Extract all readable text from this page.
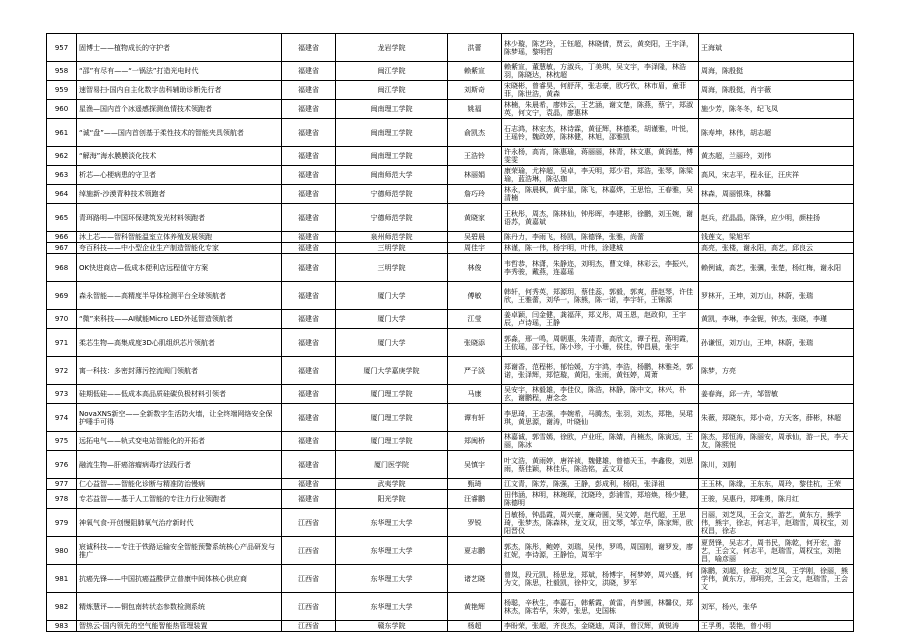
957	固博士——植物成长的守护者	福建省	龙岩学院	洪蕾	林少璇，陈艺玲，王钰超，林晓倩，贾云，黄奕阳，王宇泽，陈梦瑶，黎明哲	王海斌
958	“邵”有尽有——“一锅法”打造光电时代	福建省	闽江学院	赖紫宣	赖紫宣，董慧敏，方淑兵，丁美琪，吴文宇，李泽隆，林浩羽，陈晓达，林枕超	周海，陈殷挺
959	速智易扫-国内自主化数字齿科辅助诊断先行者	福建省	闽江学院	刘斯奇	宋晓彬，曾睿昊，何舒萍，张志豪，欧巧钦，林市眉，童菲菲，陈世浩，黄森	周海，陈殷挺，肖宇薇
960	星渔—国内首个冰遥感探测鱼情技术领跑者	福建省	闽南理工学院	姚福	林楠，朱晨希，廖炜云，王艺涵，谢文楚，陈燕，蔡宁，郑淑英，何文宁，袁晶，廖惠林	施少芳，陈冬冬，纪飞凤
961	“诚“盘”——国内首创基于柔性技术的智能夹具领航者	福建省	闽南理工学院	俞凯杰	石志鸿，林宏杰，林诗霖，黄征辉，林德柔，胡谨雅，叶悦，王瑶铃，魏政婷，陈林健，林旭，邵雅凯	陈寿坤，林伟，胡志超
962	“解海”海水膜膜淡化技术	福建省	闽南理工学院	王浩铃	许永杨，高宵，陈惠瑜，蒋丽丽，林青，林文惠，黄润基，傅雯雯	黄杰超，兰丽玲，刘伟
963	析芯—心梗病患的守卫者	福建省	闽南师范大学	林丽娟	康荣瑜，尤梓超，吴卓，李天明，郑少君，郑浩，张琴，陈梁瑜，蓝浩琳，陈弘珈	高风，宋志平，程永征，汪庆祥
964	绰施新-沙漠青种技术领跑者	福建省	宁德师范学院	詹巧玲	林永，陈晨枫，黄宇星，陈飞，林嘉烨，王思怡，王春雅，吴清楠	林森，周丽银珠，林馨
965	青珥路明—中国环保建筑发光材料领跑者	福建省	宁德师范学院	黄晓家	王秋彤，周杰，陈林仙，钟彤晖，李建彬，徐鹏，刘玉婉，谢语苏，黄嘉斌	赵兵，荭晶晶，陈锋，应少明，颜桂扬
966	沐上芯——智科智能温室立体养殖发展领跑	福建省	泉州师范学院	吴碧晨	陈丹力，李雨飞，杨凯，陈德锋，张雅，尚蕾	钱莲文，梁旭军
967	夸百科技——中小型企业生产制造智能化专家	福建省	三明学院	周佳宇	林谨，陈一伟，杨宇明，叶伟，涂建城	高亮，张楼，谢永阳，高艺，邱良云
968	OK快进商店—低成本便利店远程值守方案	福建省	三明学院	林俊	韦哲恭，林潇，朱静迩，刘明杰，曹文烽，林彩云，李振兴，李秀骏，戴燕，连嘉瑶	赖例诚，高艺，张骥，张楚，杨红梅，谢永阳
969	森永智能——高精度半导体检测平台全球领航者	福建省	厦门大学	傅敏	韩轩，何秀英，郑源玥，蔡佳蕊，郭毅，郭爽，薛赵琴，许佳欣，王雅蕾，刘华一，陈熊，陈一诺，李宇轩，王锦源	罗林开，王坤，刘万山，林蔚，张瑞
970	“微”来科技——AI赋能Micro LED外延智造领航者	福建省	厦门大学	江莹	姜卓颖，闫金健，龚福萍，郑义彤，周玉恩，赵政仰，王宇辰，卢诗瑶，王静	黄凯，李琳，李金铌，钟杰，张晓，李瑾
971	柔芯生物—高集成度3D心肌组织芯片领航者	福建省	厦门大学	张晓添	郭淼，邢一鸣，周朝惠，朱靖青，高欣文，谭子程，蒋明霞，王依瑶，邵子钰，陈小珍，于小珊，侯佳，钟昌晨，张宇	孙谦恒，刘万山，王坤，林蔚，张瑞
972	寓一科技：多密封薄污控流阀门领航者	福建省	厦门大学嘉庚学院	严子淡	郑谢香，范程彬，郁怡媛，方宇鸿，李浩，杨鹏，林雅尧，郭诺，张泽辉，郑恺璇，黄阳，张雨，黄钰婷，周萧	陈梦，方亮
973	硅期低硅——低成本高品质硅碳负极材料引领者	福建省	厦门理工学院	马康	吴安宇，林毅雄，李佳仪，陈浩，林静，陈中文，林兴，朴玄，谢鹏程，唐念念	姜春海，邱一卉，邹智敏
974	NovaXNS新空——全新数字生活防火墙，让全终端网络安全保护唾手可得	福建省	厦门理工学院	谭有轩	李思琦，王志强，李婉希，马腾杰，张羽，刘杰，郑艳，吴珺琪，黄思源，谢涛，叶晓仙	朱薇，郑晓东，郑小奇，方天客，薛彬，林超
975	远拓电气——轨式变电站智能化的开拓者	福建省	厦门理工学院	郑闽桥	林嘉诚，郭雪嫣，徐欧，卢业旺，陈婧，肖楠杰，陈寅远，王丽，陈冰	陈杰，郑恒涛，陈丽安，周承仙，游一民，李天友，陈熙悦
976	融流生物—肝癌溶瘤病毒疗法践行者	福建省	厦门医学院	吴慎宇	叶文浩，黄雨婷，唐祥祯，魏健雄，曾德天玉，李鑫俊，刘思雨，蔡佳颖，林佳乐，陈浩铭，孟文双	陈川，刘刚
977	仁心益智——智能化诊断与精准防治慢病	福建省	武夷学院	甄琦	江文青，陈芳，陈强，王静，彭成利，杨阳，张泽祖	王玉林，陈缘，王东东，周玲，黎佳杭，王荣
978	专芯益智——基于人工智能的专注力行业领跑者	福建省	阳光学院	汪睿鹏	田伟涵，林明，林琬琛，沈晓玲，彭浦雪，郑培焕，杨少健，陈德明	王骏，吴惠丹，郑唯勇，陈月红
979	神氧气食-开创慢阻肺氧气治疗新时代	江西省	东华理工大学	罗锐	吕敏杨，钟晶霞，周兴豪，廉奇圆，吴文婷，赵代超，王思琦，张梦杰，陈森林，龙文双，田文琴，邹立华，陈家辉，欧阳晋仪	吕丽，刘芝凤，王会文，游艺，黄东方，熊学伟，熊宇，徐志，何志平，赵瑞雪，周权宝，刘权昌，徐志
980	宸诚科技——专注于铁路运输安全智能预警系统核心产品研发与推广	江西省	东华理工大学	夏志鹏	郭杰，陈彤，鲍婷，刘瑞，吴伟，罗鸣，周国刚，谢罗发，廖红妮，李诗源，王静怡，周军宇	夏贤锋，吴志才，周书民，陈乾，何开宏，游艺，王会文，何志平，赵瑞雪，周权宝，刘艳昌，喻彦丽
981	抗癌先锋——中国抗癌益酸伊立普康中间体核心供应商	江西省	东华理工大学	诸艺晓	曾岚，段元凯，杨思龙，郑斌，杨博宇，柯梦婷，周兴盛，何为文，陈思，杜毅凯，徐仲文，洪晓，罗军	陈鹏，刘超，徐志，刘芝凤，王学刚，徐丽，熊学伟，黄东方，邢明亮，王会文，赵瑞雪，王会文
982	精炼慧评——铜包南转状态参数检测系统	江西省	东华理工大学	黄艳辉	杨聪，辛秋生，李嘉石，韩紫霞，黄雷，肖梦圆，林馨仪，郑林杰，陈若华，朱婷，张思，史国栋	刘军，杨兴，张华
983	智热云-国内领先的空气能智能热管理装置	江西省	赣东学院	杨超	李盼荣，张超，齐良杰，金晓迪，周泽，曾汉辉，黄锐涛	王孚勇，裴艳，曾小明
